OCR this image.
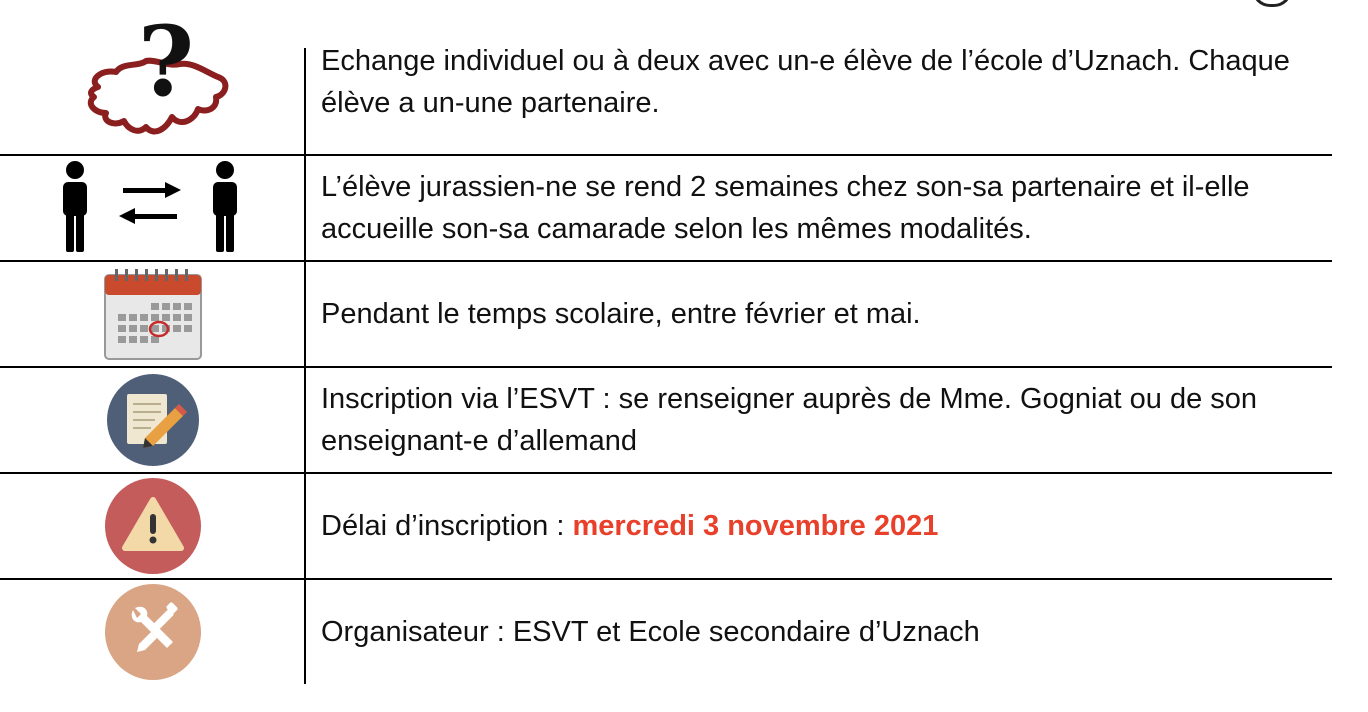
?	Echange individuel ou à deux avec un-e élève de l’école d’Uznach. Chaque élève a un-une partenaire.
L’élève jurassien-ne se rend 2 semaines chez son-sa partenaire et il-elle accueille son-sa camarade selon les mêmes modalités.
Pendant le temps scolaire, entre février et mai.
Inscription via l’ESVT : se renseigner auprès de Mme. Gogniat ou de son enseignant-e d’allemand
Délai d’inscription : mercredi 3 novembre 2021
Organisateur : ESVT et Ecole secondaire d’Uznach
